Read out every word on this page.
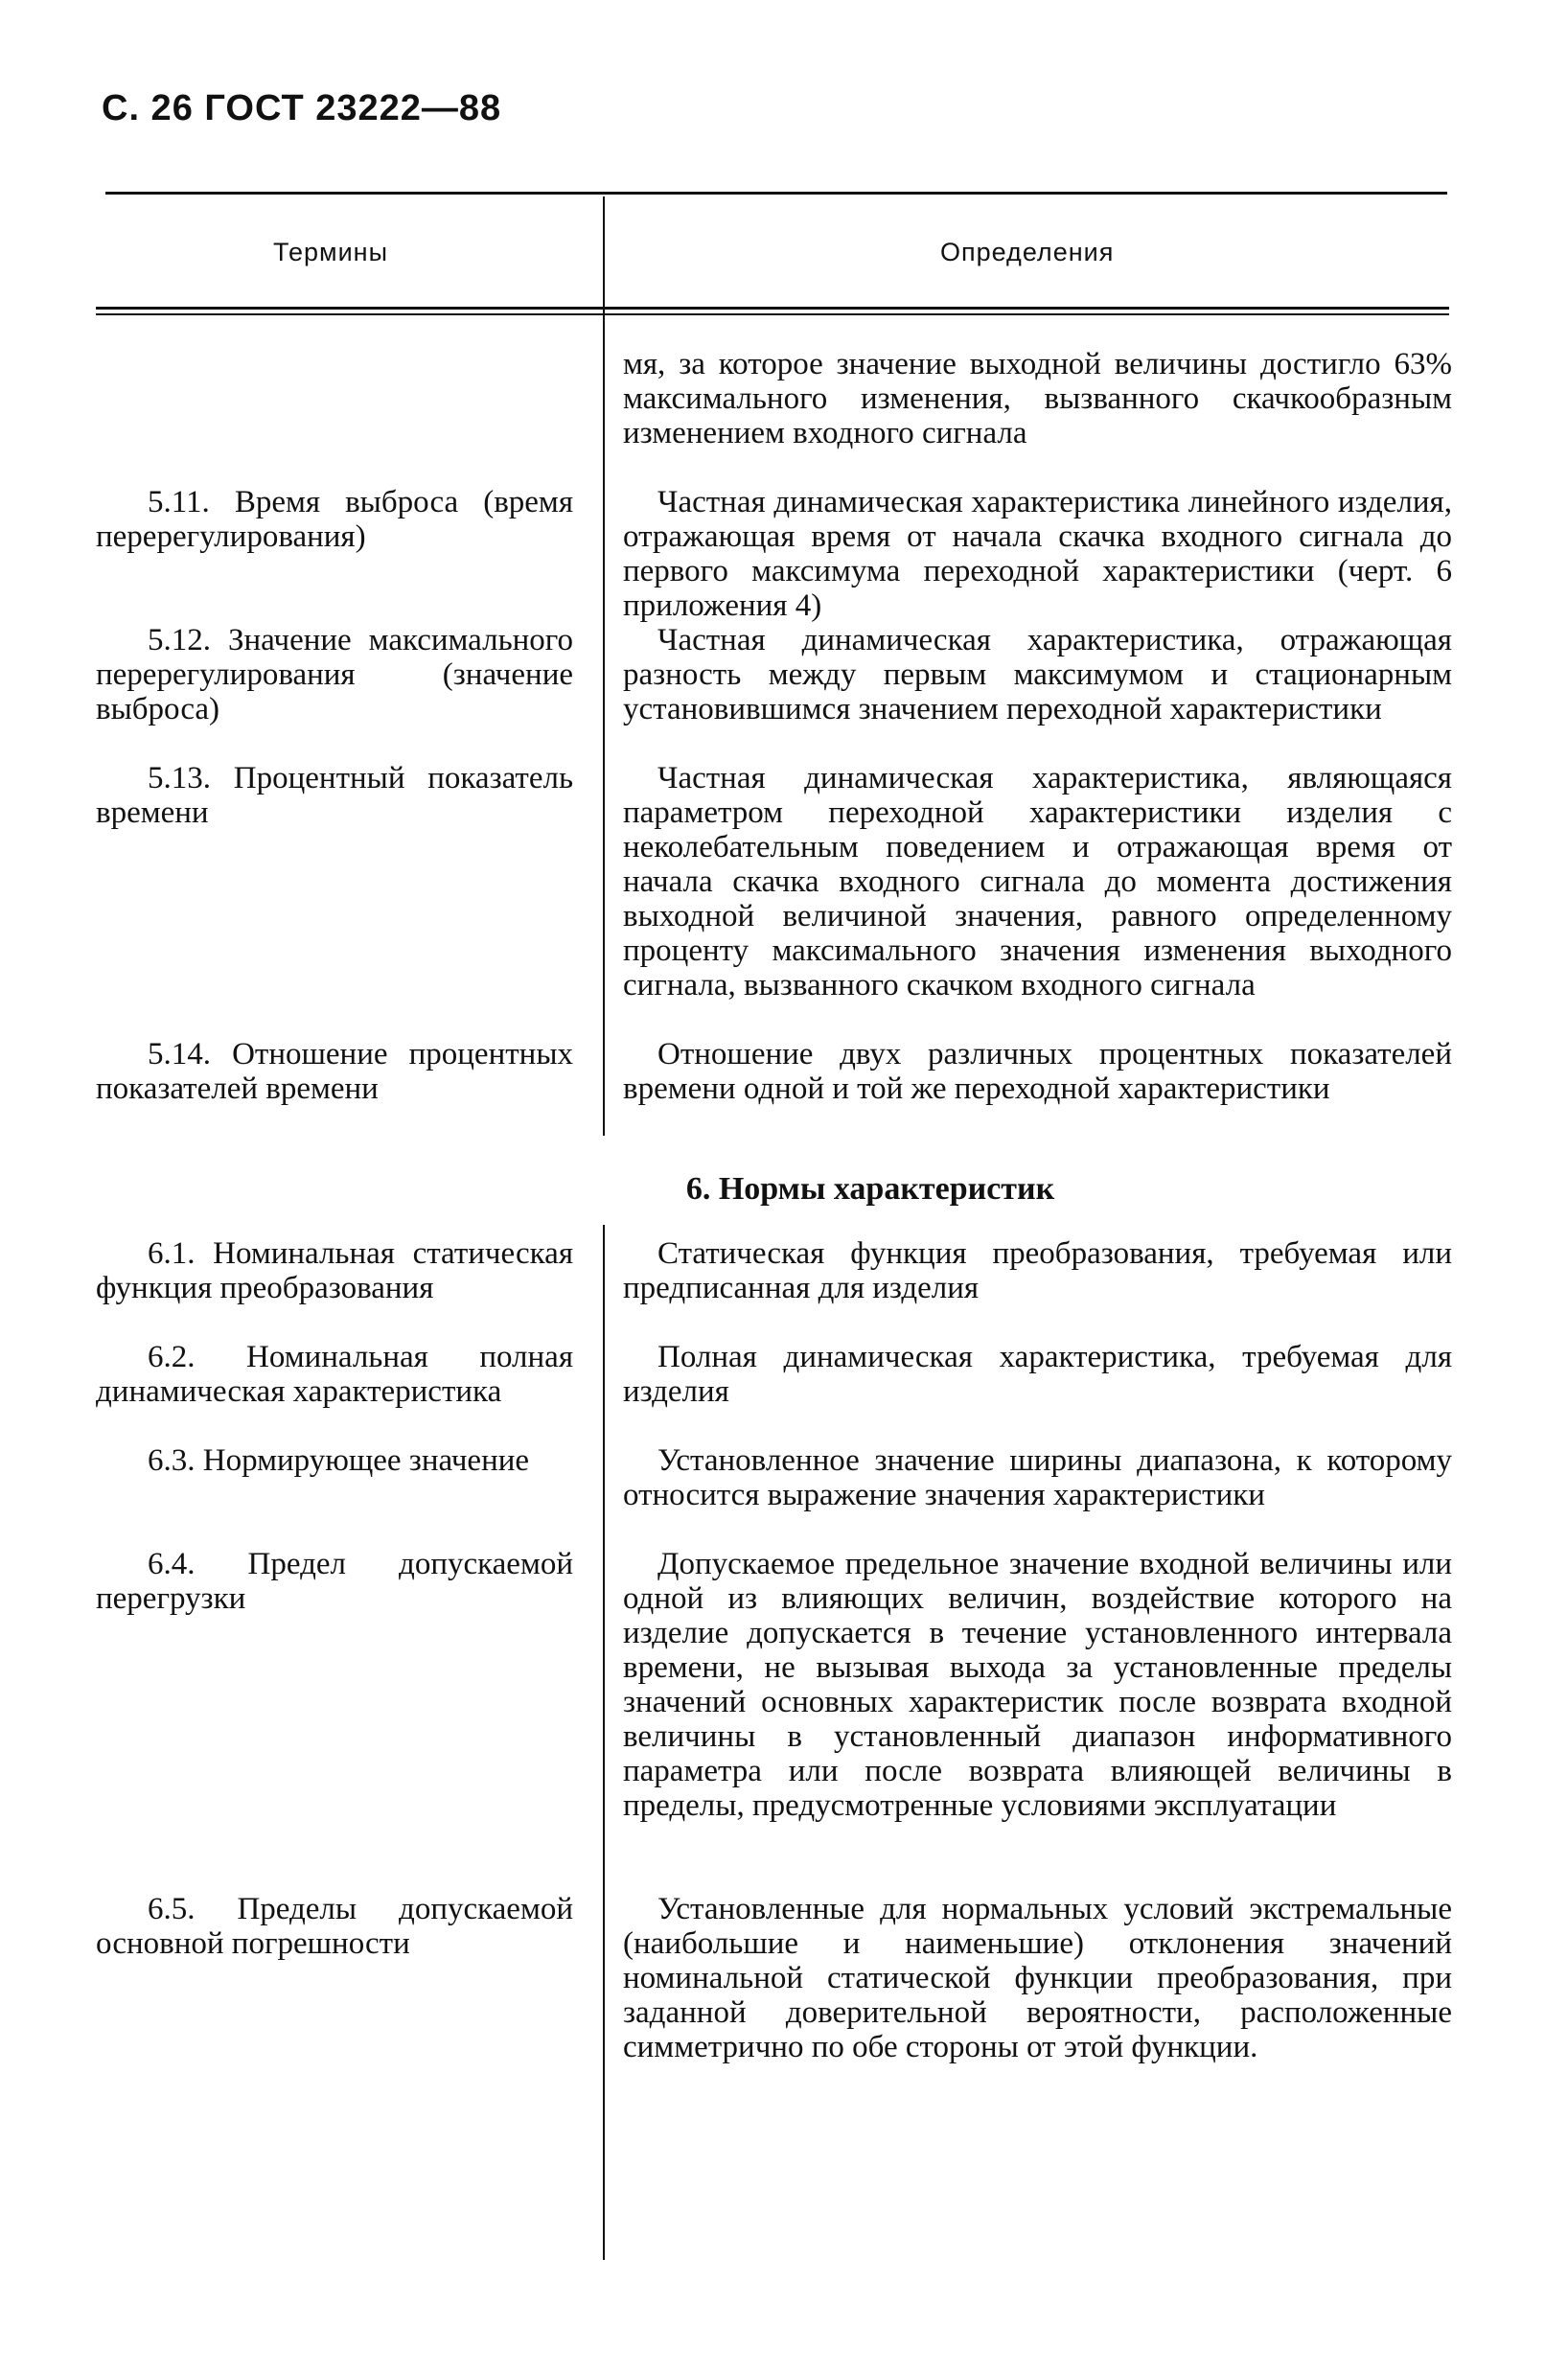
С. 26 ГОСТ 23222—88
Термины	Определения

мя, за которое значение выходной величины достигло 63% максимального изменения, вызванного скачкообразным изменением входного сигнала

5.11. Время выброса (время перерегулирования)

Частная динамическая характеристика линейного изделия, отражающая время от начала скачка входного сигнала до первого максимума переходной характеристики (черт. 6 приложения 4)

5.12. Значение максимального перерегулирования (значение выброса)

Частная динамическая характеристика, отражающая разность между первым максимумом и стационарным установившимся значением переходной характеристики

5.13. Процентный показатель времени

Частная динамическая характеристика, являющаяся параметром переходной характеристики изделия с неколебательным поведением и отражающая время от начала скачка входного сигнала до момента достижения выходной величиной значения, равного определенному проценту максимального значения изменения выходного сигнала, вызванного скачком входного сигнала

5.14. Отношение процентных показателей времени

Отношение двух различных процентных показателей времени одной и той же переходной характеристики

6. Нормы характеристик

6.1. Номинальная статическая функция преобразования

Статическая функция преобразования, требуемая или предписанная для изделия

6.2. Номинальная полная динамическая характеристика

Полная динамическая характеристика, требуемая для изделия

6.3. Нормирующее значение	Установленное значение ширины диапазона, к которому относится выражение значения характеристики

6.4. Предел допускаемой перегрузки

Допускаемое предельное значение входной величины или одной из влияющих величин, воздействие которого на изделие допускается в течение установленного интервала времени, не вызывая выхода за установленные пределы значений основных характеристик после возврата входной величины в установленный диапазон информативного параметра или после возврата влияющей величины в пределы, предусмотренные условиями эксплуатации

6.5. Пределы допускаемой основной погрешности

Установленные для нормальных условий экстремальные (наибольшие и наименьшие) отклонения значений номинальной статической функции преобразования, при заданной доверительной вероятности, расположенные симметрично по обе стороны от этой функции.
